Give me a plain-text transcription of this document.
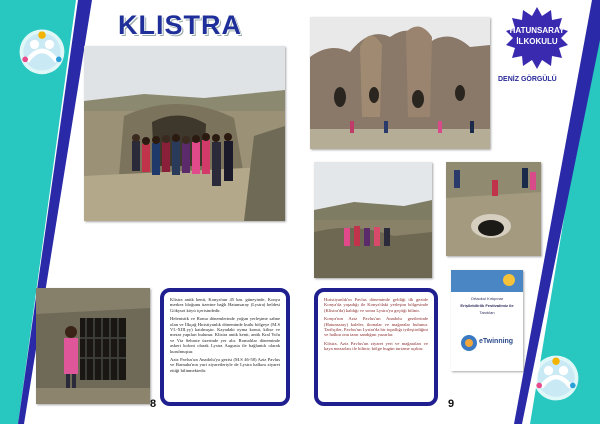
KLISTRA	HATUNSARAY
İLKOKULU
DENİZ GÖRGÜLÜ
Ortaokul Kırkpınar
Erişilebilirlik Festivalimiz ile
Tanıtılan
eTwinning

Klistra antik kenti, Konya'nın 45 km. güneyinde, Konya merkez bloğunu üzerine bağlı Hatunsaray (Lystra) beldesi Gökyurt köyü içerisindedir.

Helenistik ve Roma dönemlerinde yoğun yerleşime sahne olan ve İlkçağ Hıristiyanlık döneminde kutlu bölgeye (M.S VI.-XIII.yy) katılmıştır. Kayadaki oyma konut, kilise ve mezar yapıları bulunur. Klistra antik kenti, antik Kral Yolu ve Via Sebaste üzerinde yer alır. Romalılar döneminde askeri koloni olarak Lystra Augusta ile bağlantılı olarak kurulmuştur.

Aziz Pavlus'un Anadolu'ya gezisi (M.S 46-58) Aziz Pavlus ve Barnaba'nın yurt ziyaretleriyle de Lystra halkını ziyaret ettiği bilinmektedir.

Hıristiyanlık'ın Pavlus döneminde geldiği ilk gezide Konya'da yaşadığı ile Konya'daki yerleşim bölgesinde (Klistra'da) kaldığı ve sonra Lystra'ya geçtiği bilinir.

Konya'nın Aziz Pavlus'un Anadolu gezilerinde (Hatunsaray) kaleler, ikonalar ve mağaralar bulunur. Tarihçiler, Pavlus'un Lystra'da bir topallığı iyileştirdiğini ve halkın onu tanrı sandığını yazarlar.

Klistra, Aziz Pavlus'un ziyaret yeri ve mağaraları ve kaya mezarları ile bilinir; bölge bugün turizme açıktır.

8	9
